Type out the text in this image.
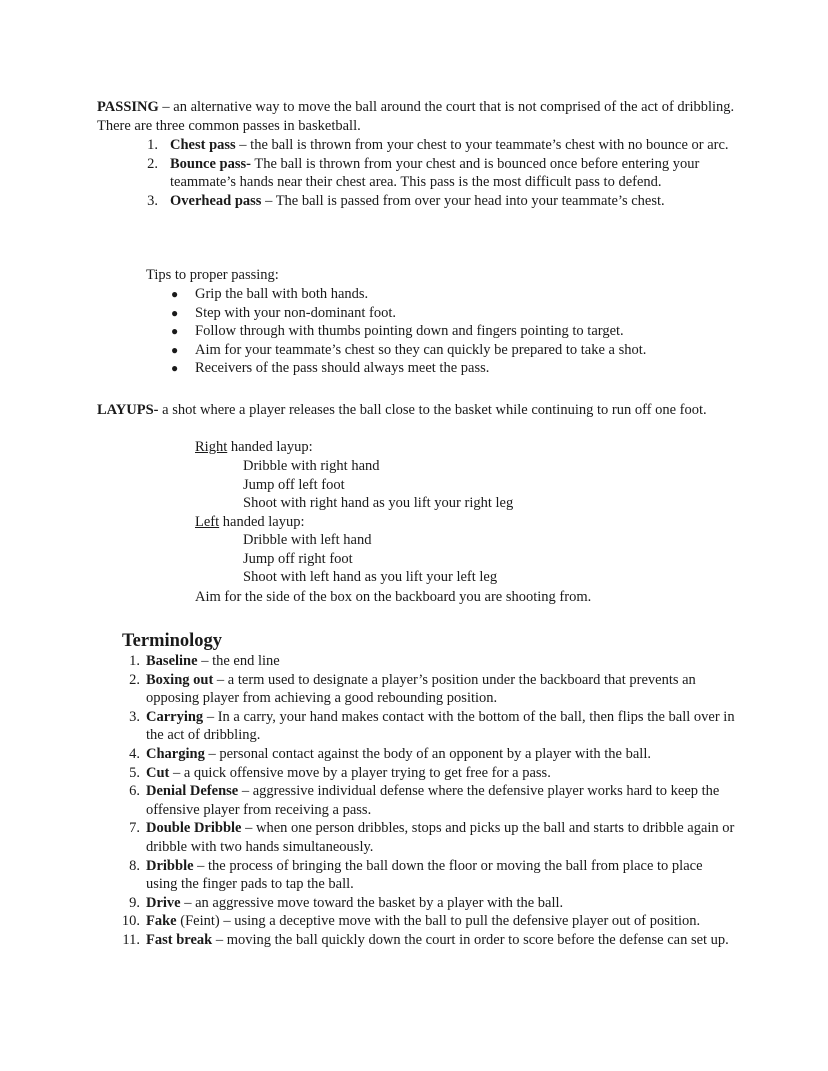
PASSING – an alternative way to move the ball around the court that is not comprised of the act of dribbling. There are three common passes in basketball.

1. Chest pass – the ball is thrown from your chest to your teammate’s chest with no bounce or arc.

2. Bounce pass- The ball is thrown from your chest and is bounced once before entering your teammate’s hands near their chest area. This pass is the most difficult pass to defend.

3. Overhead pass – The ball is passed from over your head into your teammate’s chest.

Tips to proper passing:

● Grip the ball with both hands.

● Step with your non-dominant foot.

● Follow through with thumbs pointing down and fingers pointing to target.

● Aim for your teammate’s chest so they can quickly be prepared to take a shot.

● Receivers of the pass should always meet the pass.

LAYUPS- a shot where a player releases the ball close to the basket while continuing to run off one foot.

Right handed layup:

Dribble with right hand

Jump off left foot

Shoot with right hand as you lift your right leg

Left handed layup:

Dribble with left hand

Jump off right foot

Shoot with left hand as you lift your left leg

Aim for the side of the box on the backboard you are shooting from.

Terminology
1. Baseline – the end line

2. Boxing out – a term used to designate a player’s position under the backboard that prevents an opposing player from achieving a good rebounding position.

3. Carrying – In a carry, your hand makes contact with the bottom of the ball, then flips the ball over in the act of dribbling.

4. Charging – personal contact against the body of an opponent by a player with the ball.

5. Cut – a quick offensive move by a player trying to get free for a pass.

6. Denial Defense – aggressive individual defense where the defensive player works hard to keep the offensive player from receiving a pass.

7. Double Dribble – when one person dribbles, stops and picks up the ball and starts to dribble again or dribble with two hands simultaneously.

8. Dribble – the process of bringing the ball down the floor or moving the ball from place to place using the finger pads to tap the ball.

9. Drive – an aggressive move toward the basket by a player with the ball.

10. Fake (Feint) – using a deceptive move with the ball to pull the defensive player out of position.

11. Fast break – moving the ball quickly down the court in order to score before the defense can set up.
